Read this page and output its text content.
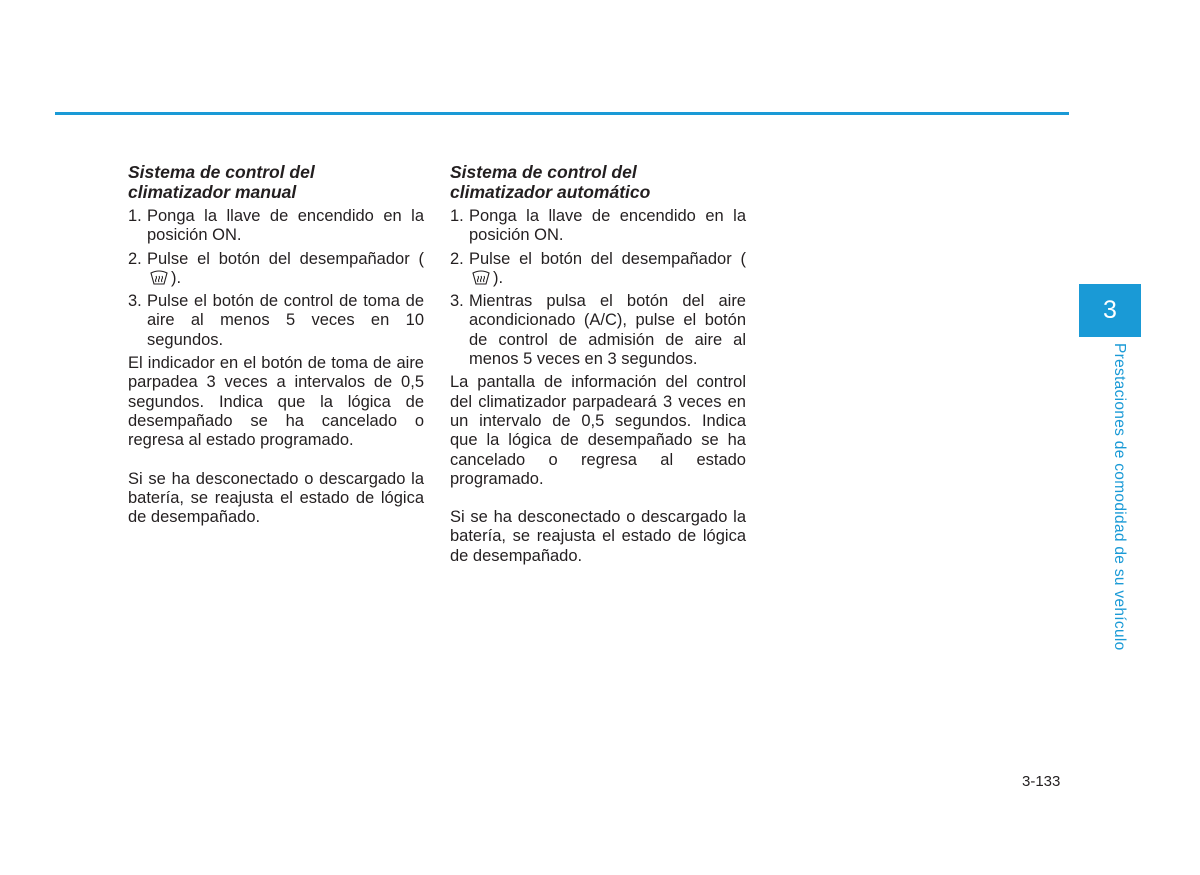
Sistema de control del
climatizador manual
1. Ponga la llave de encendido en la posición ON.
2. Pulse el botón del desempañador ().
3. Pulse el botón de control de toma de aire al menos 5 veces en 10 segundos.

El indicador en el botón de toma de aire parpadea 3 veces a intervalos de 0,5 segundos. Indica que la lógica de desempañado se ha cancelado o regresa al estado programado.

Si se ha desconectado o descargado la batería, se reajusta el estado de lógica de desempañado.

Sistema de control del
climatizador automático
1. Ponga la llave de encendido en la posición ON.
2. Pulse el botón del desempañador ().
3. Mientras pulsa el botón del aire acondicionado (A/C), pulse el botón de control de admisión de aire al menos 5 veces en 3 segundos.

La pantalla de información del control del climatizador parpadeará 3 veces en un intervalo de 0,5 segundos. Indica que la lógica de desempañado se ha cancelado o regresa al estado programado.

Si se ha desconectado o descargado la batería, se reajusta el estado de lógica de desempañado.

3
Prestaciones de comodidad de su vehículo
3-133
